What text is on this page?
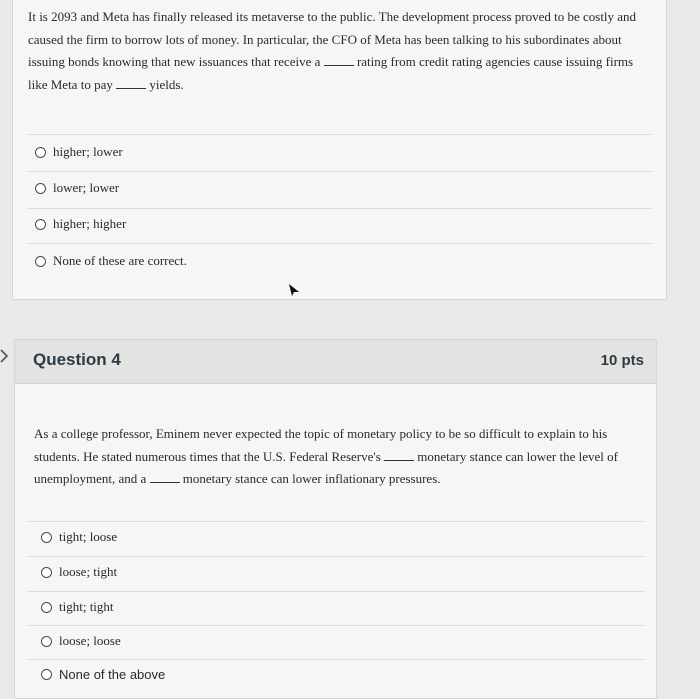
It is 2093 and Meta has finally released its metaverse to the public. The development process proved to be costly and caused the firm to borrow lots of money. In particular, the CFO of Meta has been talking to his subordinates about issuing bonds knowing that new issuances that receive a	rating from credit rating agencies cause issuing firms like Meta to pay	yields.
higher; lower
lower; lower
higher; higher
None of these are correct.
Question 4	10 pts
As a college professor, Eminem never expected the topic of monetary policy to be so difficult to explain to his students. He stated numerous times that the U.S. Federal Reserve's	monetary stance can lower the level of unemployment, and a	monetary stance can lower inflationary pressures.
tight; loose
loose; tight
tight; tight
loose; loose
None of the above
